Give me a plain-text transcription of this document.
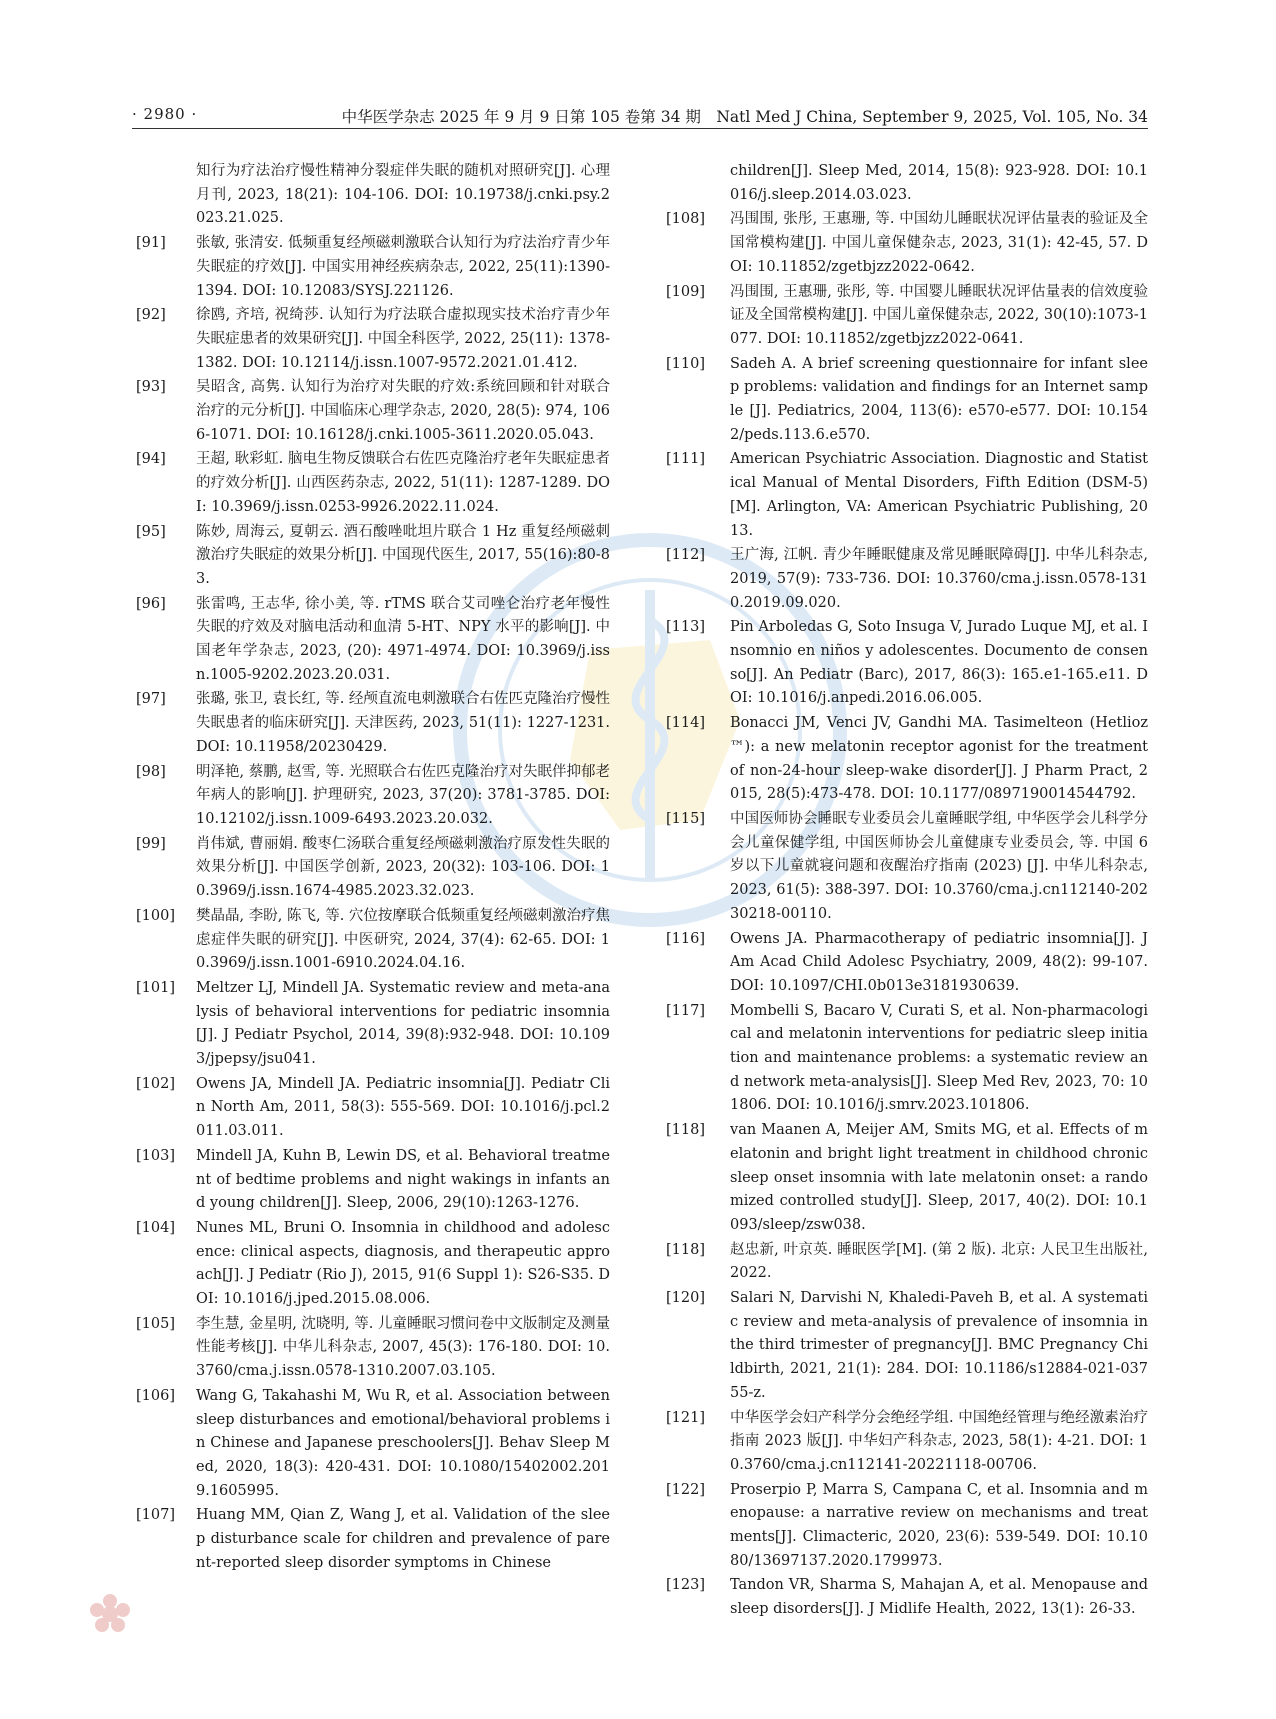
· 2980 ·	中华医学杂志 2025 年 9 月 9 日第 105 卷第 34 期　Natl Med J China, September 9, 2025, Vol. 105, No. 34
知行为疗法治疗慢性精神分裂症伴失眠的随机对照研究[J]. 心理月刊, 2023, 18(21): 104-106. DOI: 10.19738/j.cnki.psy.2023.21.025.
[91] 张敏, 张清安. 低频重复经颅磁刺激联合认知行为疗法治疗青少年失眠症的疗效[J]. 中国实用神经疾病杂志, 2022, 25(11):1390-1394. DOI: 10.12083/SYSJ.221126.
[92] 徐鸥, 齐培, 祝绮莎. 认知行为疗法联合虚拟现实技术治疗青少年失眠症患者的效果研究[J]. 中国全科医学, 2022, 25(11): 1378-1382. DOI: 10.12114/j.issn.1007-9572.2021.01.412.
[93] 吴昭含, 高隽. 认知行为治疗对失眠的疗效:系统回顾和针对联合治疗的元分析[J]. 中国临床心理学杂志, 2020, 28(5): 974, 1066-1071. DOI: 10.16128/j.cnki.1005-3611.2020.05.043.
[94] 王超, 耿彩虹. 脑电生物反馈联合右佐匹克隆治疗老年失眠症患者的疗效分析[J]. 山西医药杂志, 2022, 51(11): 1287-1289. DOI: 10.3969/j.issn.0253-9926.2022.11.024.
[95] 陈妙, 周海云, 夏朝云. 酒石酸唑吡坦片联合 1 Hz 重复经颅磁刺激治疗失眠症的效果分析[J]. 中国现代医生, 2017, 55(16):80-83.
[96] 张雷鸣, 王志华, 徐小美, 等. rTMS 联合艾司唑仑治疗老年慢性失眠的疗效及对脑电活动和血清 5-HT、NPY 水平的影响[J]. 中国老年学杂志, 2023, (20): 4971-4974. DOI: 10.3969/j.issn.1005-9202.2023.20.031.
[97] 张璐, 张卫, 袁长红, 等. 经颅直流电刺激联合右佐匹克隆治疗慢性失眠患者的临床研究[J]. 天津医药, 2023, 51(11): 1227-1231. DOI: 10.11958/20230429.
[98] 明泽艳, 蔡鹏, 赵雪, 等. 光照联合右佐匹克隆治疗对失眠伴抑郁老年病人的影响[J]. 护理研究, 2023, 37(20): 3781-3785. DOI: 10.12102/j.issn.1009-6493.2023.20.032.
[99] 肖伟斌, 曹丽娟. 酸枣仁汤联合重复经颅磁刺激治疗原发性失眠的效果分析[J]. 中国医学创新, 2023, 20(32): 103-106. DOI: 10.3969/j.issn.1674-4985.2023.32.023.
[100] 樊晶晶, 李盼, 陈飞, 等. 穴位按摩联合低频重复经颅磁刺激治疗焦虑症伴失眠的研究[J]. 中医研究, 2024, 37(4): 62-65. DOI: 10.3969/j.issn.1001-6910.2024.04.16.
[101] Meltzer LJ, Mindell JA. Systematic review and meta-analysis of behavioral interventions for pediatric insomnia[J]. J Pediatr Psychol, 2014, 39(8):932-948. DOI: 10.1093/jpepsy/jsu041.
[102] Owens JA, Mindell JA. Pediatric insomnia[J]. Pediatr Clin North Am, 2011, 58(3): 555-569. DOI: 10.1016/j.pcl.2011.03.011.
[103] Mindell JA, Kuhn B, Lewin DS, et al. Behavioral treatment of bedtime problems and night wakings in infants and young children[J]. Sleep, 2006, 29(10):1263-1276.
[104] Nunes ML, Bruni O. Insomnia in childhood and adolescence: clinical aspects, diagnosis, and therapeutic approach[J]. J Pediatr (Rio J), 2015, 91(6 Suppl 1): S26-S35. DOI: 10.1016/j.jped.2015.08.006.
[105] 李生慧, 金星明, 沈晓明, 等. 儿童睡眠习惯问卷中文版制定及测量性能考核[J]. 中华儿科杂志, 2007, 45(3): 176-180. DOI: 10.3760/cma.j.issn.0578-1310.2007.03.105.
[106] Wang G, Takahashi M, Wu R, et al. Association between sleep disturbances and emotional/behavioral problems in Chinese and Japanese preschoolers[J]. Behav Sleep Med, 2020, 18(3): 420-431. DOI: 10.1080/15402002.2019.1605995.
[107] Huang MM, Qian Z, Wang J, et al. Validation of the sleep disturbance scale for children and prevalence of parent-reported sleep disorder symptoms in Chinese
children[J]. Sleep Med, 2014, 15(8): 923-928. DOI: 10.1016/j.sleep.2014.03.023.
[108] 冯围围, 张彤, 王惠珊, 等. 中国幼儿睡眠状况评估量表的验证及全国常模构建[J]. 中国儿童保健杂志, 2023, 31(1): 42-45, 57. DOI: 10.11852/zgetbjzz2022-0642.
[109] 冯围围, 王惠珊, 张彤, 等. 中国婴儿睡眠状况评估量表的信效度验证及全国常模构建[J]. 中国儿童保健杂志, 2022, 30(10):1073-1077. DOI: 10.11852/zgetbjzz2022-0641.
[110] Sadeh A. A brief screening questionnaire for infant sleep problems: validation and findings for an Internet sample [J]. Pediatrics, 2004, 113(6): e570-e577. DOI: 10.1542/peds.113.6.e570.
[111] American Psychiatric Association. Diagnostic and Statistical Manual of Mental Disorders, Fifth Edition (DSM-5) [M]. Arlington, VA: American Psychiatric Publishing, 2013.
[112] 王广海, 江帆. 青少年睡眠健康及常见睡眠障碍[J]. 中华儿科杂志, 2019, 57(9): 733-736. DOI: 10.3760/cma.j.issn.0578-1310.2019.09.020.
[113] Pin Arboledas G, Soto Insuga V, Jurado Luque MJ, et al. Insomnio en niños y adolescentes. Documento de consenso[J]. An Pediatr (Barc), 2017, 86(3): 165.e1-165.e11. DOI: 10.1016/j.anpedi.2016.06.005.
[114] Bonacci JM, Venci JV, Gandhi MA. Tasimelteon (Hetlioz™): a new melatonin receptor agonist for the treatment of non-24-hour sleep-wake disorder[J]. J Pharm Pract, 2015, 28(5):473-478. DOI: 10.1177/0897190014544792.
[115] 中国医师协会睡眠专业委员会儿童睡眠学组, 中华医学会儿科学分会儿童保健学组, 中国医师协会儿童健康专业委员会, 等. 中国 6 岁以下儿童就寝问题和夜醒治疗指南 (2023) [J]. 中华儿科杂志, 2023, 61(5): 388-397. DOI: 10.3760/cma.j.cn112140-20230218-00110.
[116] Owens JA. Pharmacotherapy of pediatric insomnia[J]. J Am Acad Child Adolesc Psychiatry, 2009, 48(2): 99-107. DOI: 10.1097/CHI.0b013e3181930639.
[117] Mombelli S, Bacaro V, Curati S, et al. Non-pharmacological and melatonin interventions for pediatric sleep initiation and maintenance problems: a systematic review and network meta-analysis[J]. Sleep Med Rev, 2023, 70: 101806. DOI: 10.1016/j.smrv.2023.101806.
[118] van Maanen A, Meijer AM, Smits MG, et al. Effects of melatonin and bright light treatment in childhood chronic sleep onset insomnia with late melatonin onset: a randomized controlled study[J]. Sleep, 2017, 40(2). DOI: 10.1093/sleep/zsw038.
[118] 赵忠新, 叶京英. 睡眠医学[M]. (第 2 版). 北京: 人民卫生出版社, 2022.
[120] Salari N, Darvishi N, Khaledi-Paveh B, et al. A systematic review and meta-analysis of prevalence of insomnia in the third trimester of pregnancy[J]. BMC Pregnancy Childbirth, 2021, 21(1): 284. DOI: 10.1186/s12884-021-03755-z.
[121] 中华医学会妇产科学分会绝经学组. 中国绝经管理与绝经激素治疗指南 2023 版[J]. 中华妇产科杂志, 2023, 58(1): 4-21. DOI: 10.3760/cma.j.cn112141-20221118-00706.
[122] Proserpio P, Marra S, Campana C, et al. Insomnia and menopause: a narrative review on mechanisms and treatments[J]. Climacteric, 2020, 23(6): 539-549. DOI: 10.1080/13697137.2020.1799973.
[123] Tandon VR, Sharma S, Mahajan A, et al. Menopause and sleep disorders[J]. J Midlife Health, 2022, 13(1): 26-33.
